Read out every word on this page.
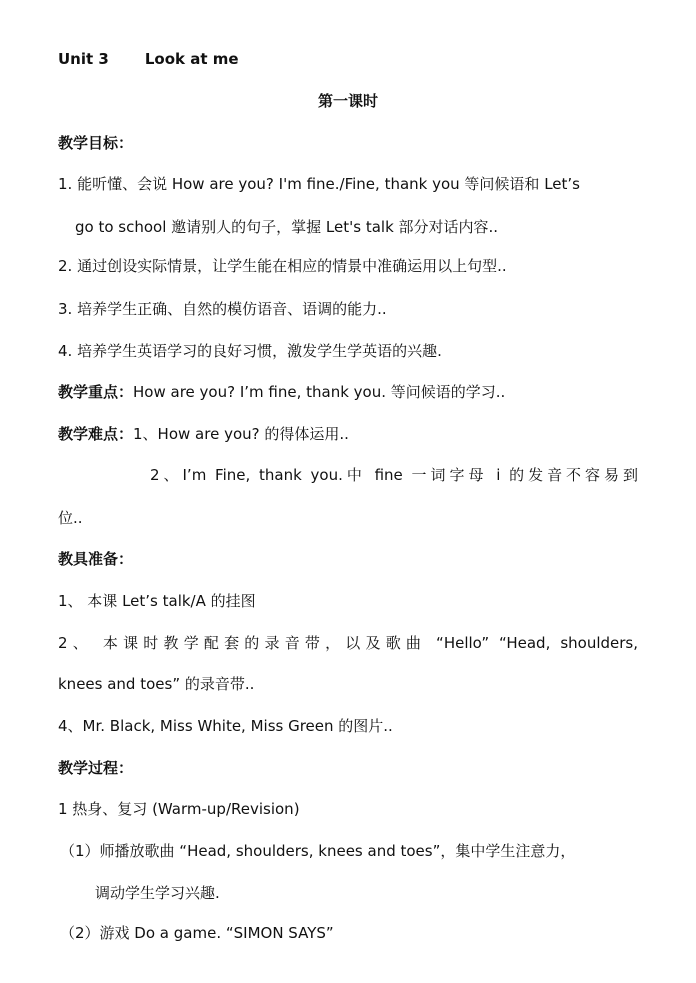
Unit 3 Look at me
第一课时
教学目标：
1. 能听懂、会说 How are you? I'm fine./Fine, thank you 等问候语和 Let’s
go to school 邀请别人的句子，掌握 Let's talk 部分对话内容..
2. 通过创设实际情景，让学生能在相应的情景中准确运用以上句型..
3. 培养学生正确、自然的模仿语音、语调的能力..
4. 培养学生英语学习的良好习惯，激发学生学英语的兴趣.
教学重点：How are you? I’m fine, thank you. 等问候语的学习..
教学难点：1、How are you? 的得体运用..
2、I’m Fine, thank you.中 fine 一词字母 i 的发音不容易到
位..
教具准备：
1、 本课 Let’s talk/A 的挂图
2、 本课时教学配套的录音带，以及歌曲 “Hello” “Head, shoulders,
knees and toes” 的录音带..
4、Mr. Black, Miss White, Miss Green 的图片..
教学过程：
1 热身、复习 (Warm-up/Revision)
（1）师播放歌曲 “Head, shoulders, knees and toes”，集中学生注意力，
调动学生学习兴趣.
（2）游戏 Do a game. “SIMON SAYS”
